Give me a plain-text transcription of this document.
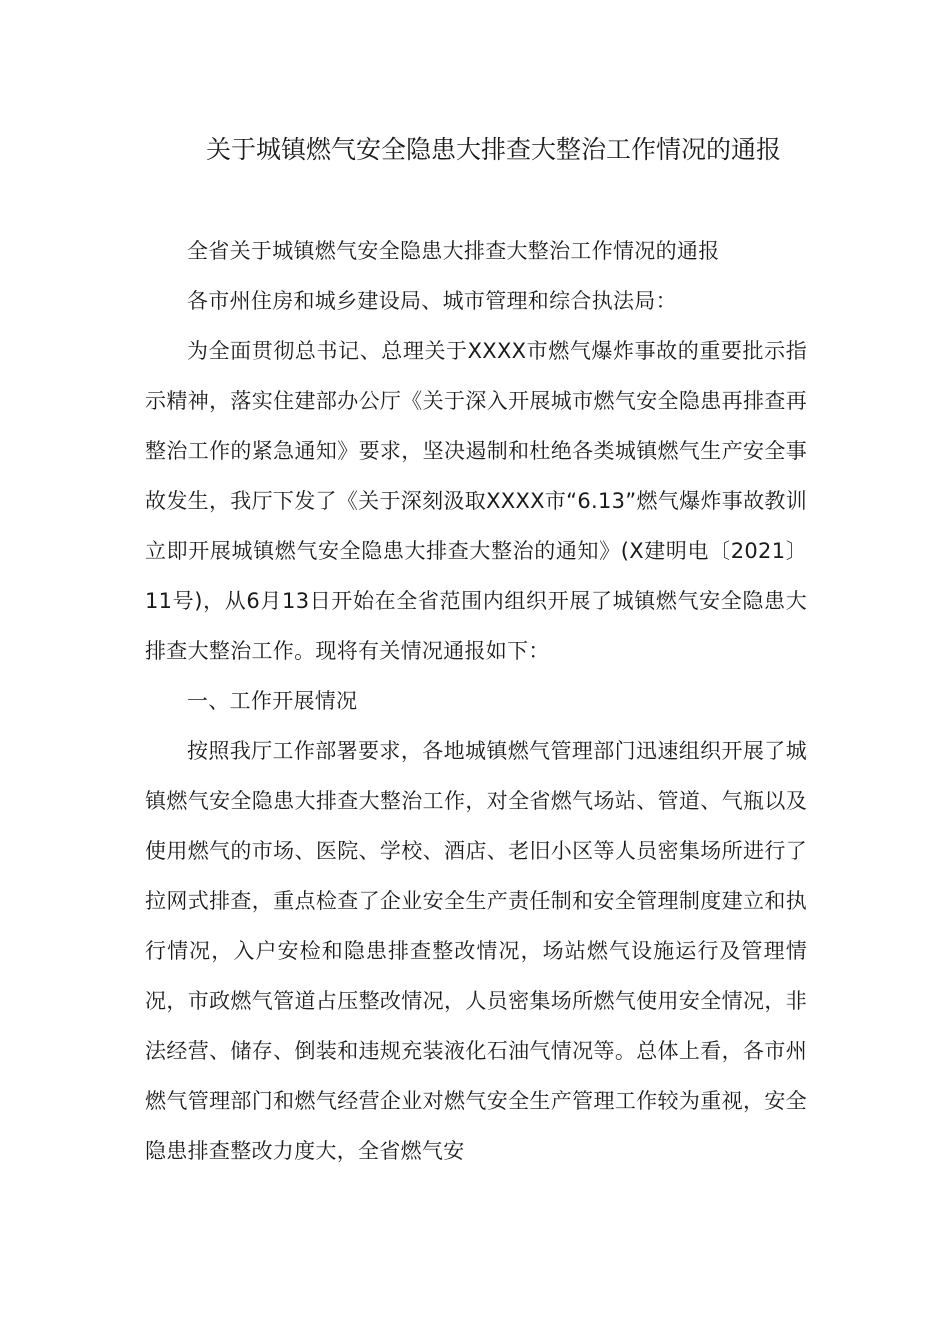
关于城镇燃气安全隐患大排查大整治工作情况的通报

全省关于城镇燃气安全隐患大排查大整治工作情况的通报

各市州住房和城乡建设局、城市管理和综合执法局：

为全面贯彻总书记、总理关于XXXX市燃气爆炸事故的重要批示指示精神，落实住建部办公厅《关于深入开展城市燃气安全隐患再排查再整治工作的紧急通知》要求，坚决遏制和杜绝各类城镇燃气生产安全事故发生，我厅下发了《关于深刻汲取XXXX市“6.13”燃气爆炸事故教训立即开展城镇燃气安全隐患大排查大整治的通知》(X建明电〔2021〕11号)，从6月13日开始在全省范围内组织开展了城镇燃气安全隐患大排查大整治工作。现将有关情况通报如下：

一、工作开展情况

按照我厅工作部署要求，各地城镇燃气管理部门迅速组织开展了城镇燃气安全隐患大排查大整治工作，对全省燃气场站、管道、气瓶以及使用燃气的市场、医院、学校、酒店、老旧小区等人员密集场所进行了拉网式排查，重点检查了企业安全生产责任制和安全管理制度建立和执行情况，入户安检和隐患排查整改情况，场站燃气设施运行及管理情况，市政燃气管道占压整改情况，人员密集场所燃气使用安全情况，非法经营、储存、倒装和违规充装液化石油气情况等。总体上看，各市州燃气管理部门和燃气经营企业对燃气安全生产管理工作较为重视，安全隐患排查整改力度大，全省燃气安
